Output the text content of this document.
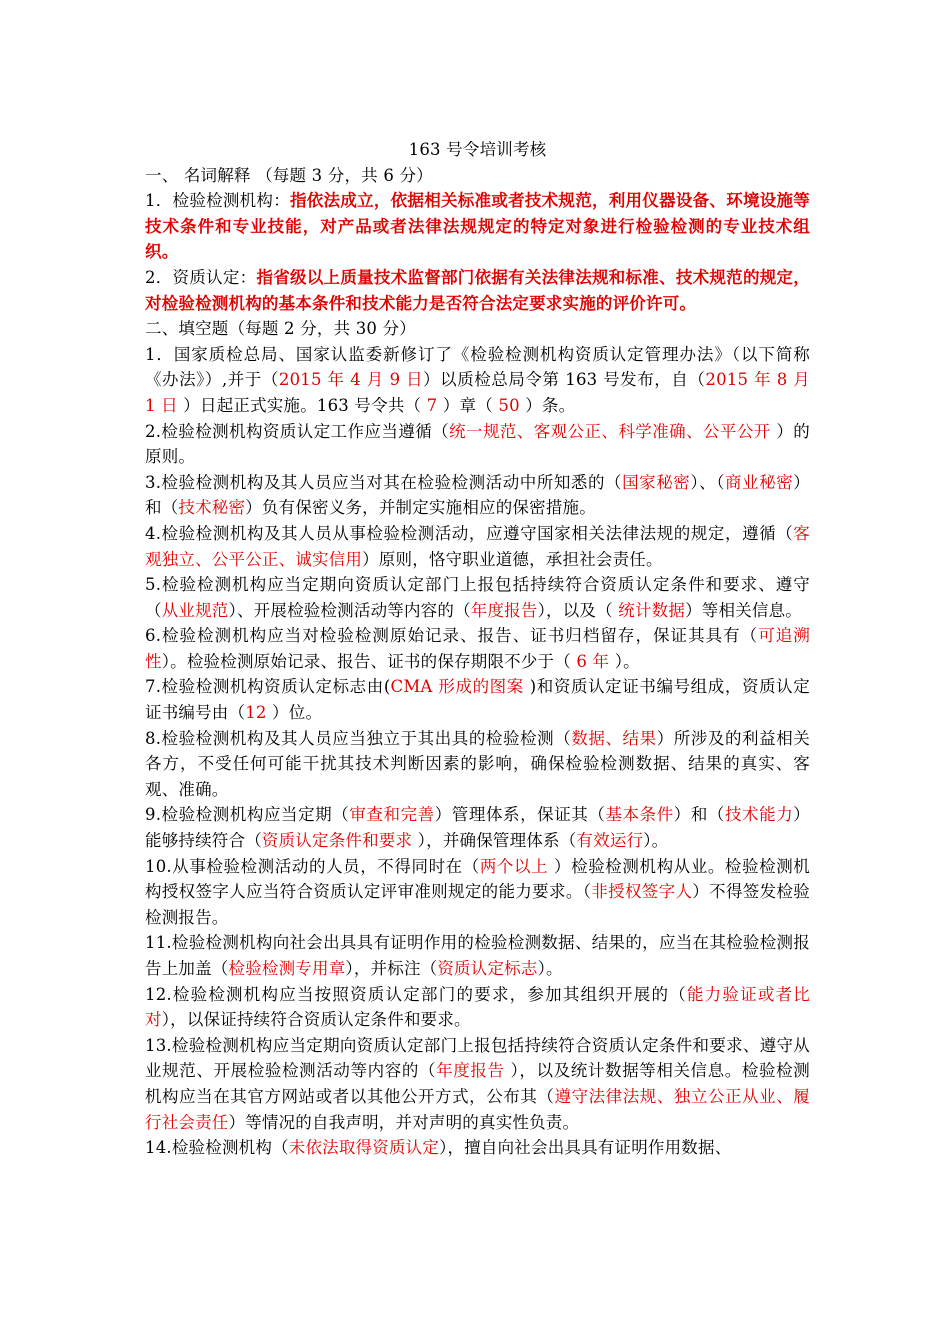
163 号令培训考核

一、 名词解释 （每题 3 分，共 6 分）

1．检验检测机构：指依法成立，依据相关标准或者技术规范，利用仪器设备、环境设施等技术条件和专业技能，对产品或者法律法规规定的特定对象进行检验检测的专业技术组织。

2．资质认定：指省级以上质量技术监督部门依据有关法律法规和标准、技术规范的规定，对检验检测机构的基本条件和技术能力是否符合法定要求实施的评价许可。

二、填空题（每题 2 分，共 30 分）

1．国家质检总局、国家认监委新修订了《检验检测机构资质认定管理办法》（以下简称《办法》）,并于（2015 年 4 月 9 日）以质检总局令第 163 号发布，自（2015 年 8 月 1 日 ）日起正式实施。163 号令共（ 7 ）章（ 50 ）条。

2.检验检测机构资质认定工作应当遵循（统一规范、客观公正、科学准确、公平公开 ）的原则。

3.检验检测机构及其人员应当对其在检验检测活动中所知悉的（国家秘密）、（商业秘密）和（技术秘密）负有保密义务，并制定实施相应的保密措施。

4.检验检测机构及其人员从事检验检测活动，应遵守国家相关法律法规的规定，遵循（客观独立、公平公正、诚实信用）原则，恪守职业道德，承担社会责任。

5.检验检测机构应当定期向资质认定部门上报包括持续符合资质认定条件和要求、遵守（从业规范）、开展检验检测活动等内容的（年度报告），以及（ 统计数据）等相关信息。

6.检验检测机构应当对检验检测原始记录、报告、证书归档留存，保证其具有（可追溯性）。检验检测原始记录、报告、证书的保存期限不少于（ 6 年 ）。

7.检验检测机构资质认定标志由(CMA 形成的图案 )和资质认定证书编号组成，资质认定证书编号由（12 ）位。

8.检验检测机构及其人员应当独立于其出具的检验检测（数据、结果）所涉及的利益相关各方，不受任何可能干扰其技术判断因素的影响，确保检验检测数据、结果的真实、客观、准确。

9.检验检测机构应当定期（审查和完善）管理体系，保证其（基本条件）和（技术能力）能够持续符合（资质认定条件和要求 ），并确保管理体系（有效运行）。

10.从事检验检测活动的人员，不得同时在（两个以上 ）检验检测机构从业。检验检测机构授权签字人应当符合资质认定评审准则规定的能力要求。（非授权签字人）不得签发检验检测报告。

11.检验检测机构向社会出具具有证明作用的检验检测数据、结果的，应当在其检验检测报告上加盖（检验检测专用章），并标注（资质认定标志）。

12.检验检测机构应当按照资质认定部门的要求，参加其组织开展的（能力验证或者比对），以保证持续符合资质认定条件和要求。

13.检验检测机构应当定期向资质认定部门上报包括持续符合资质认定条件和要求、遵守从业规范、开展检验检测活动等内容的（年度报告 ），以及统计数据等相关信息。检验检测机构应当在其官方网站或者以其他公开方式，公布其（遵守法律法规、独立公正从业、履行社会责任）等情况的自我声明，并对声明的真实性负责。

14.检验检测机构（未依法取得资质认定），擅自向社会出具具有证明作用数据、
